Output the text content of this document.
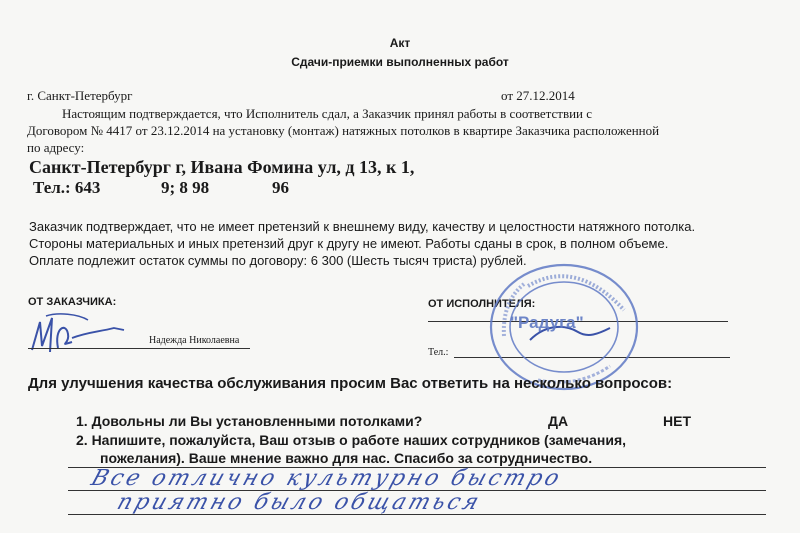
Акт
Сдачи-приемки выполненных работ
г. Санкт-Петербург	от 27.12.2014
Настоящим подтверждается, что Исполнитель сдал, а Заказчик принял работы в соответствии с
Договором № 4417 от 23.12.2014 на установку (монтаж) натяжных потолков в квартире Заказчика расположенной
по адресу:
Санкт-Петербург г, Ивана Фомина ул, д 13, к 1,
Тел.: 643	9; 8 98	96
Заказчик подтверждает, что не имеет претензий к внешнему виду, качеству и целостности натяжного потолка.
Стороны материальных и иных претензий друг к другу не имеют. Работы сданы в срок, в полном объеме.
Оплате подлежит остаток суммы по договору: 6 300 (Шесть тысяч триста) рублей.
ОТ ЗАКАЗЧИКА:	ОТ ИСПОЛНИТЕЛЯ:
Надежда Николаевна
Тел.:
"Радуга"
Для улучшения качества обслуживания просим Вас ответить на несколько вопросов:
1. Довольны ли Вы установленными потолками?	ДА	НЕТ
2. Напишите, пожалуйста, Ваш отзыв о работе наших сотрудников (замечания,
пожелания). Ваше мнение важно для нас. Спасибо за сотрудничество.
Все отлично культурно быстро
приятно было общаться
